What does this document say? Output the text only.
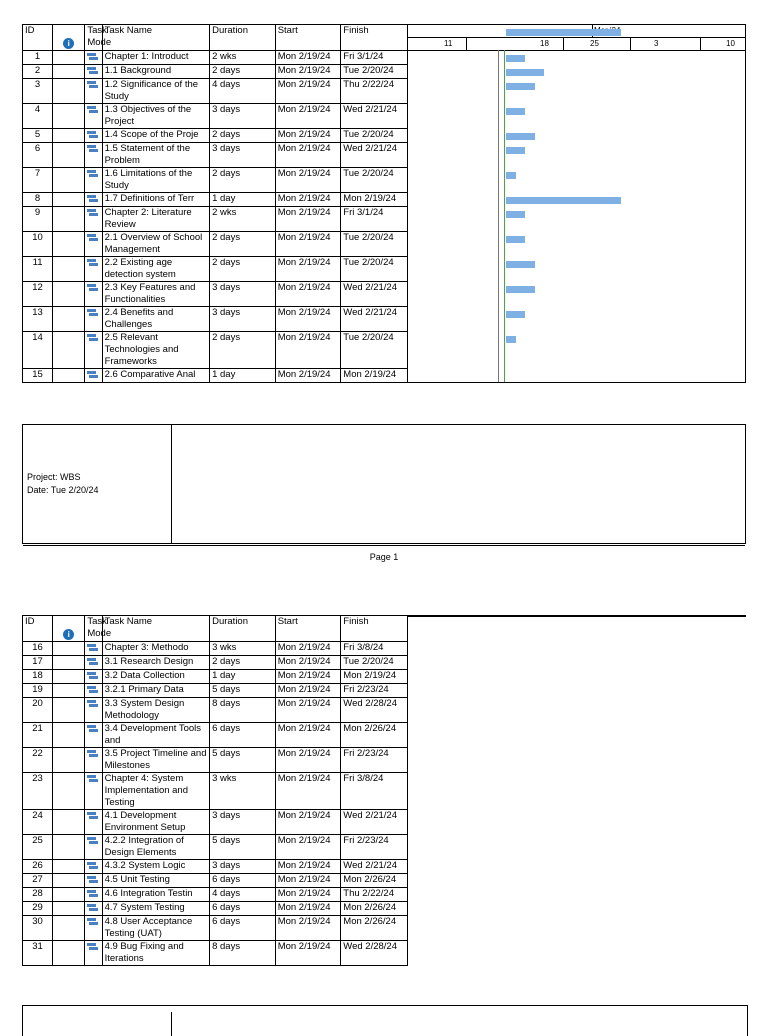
ID	i	Task Mode	Task Name	Duration	Start	Finish
1			Chapter 1: Introduct	2 wks	Mon 2/19/24	Fri 3/1/24
2			1.1 Background	2 days	Mon 2/19/24	Tue 2/20/24
3			1.2 Significance of the Study	4 days	Mon 2/19/24	Thu 2/22/24
4			1.3 Objectives of the Project	3 days	Mon 2/19/24	Wed 2/21/24
5			1.4 Scope of the Proje	2 days	Mon 2/19/24	Tue 2/20/24
6			1.5 Statement of the Problem	3 days	Mon 2/19/24	Wed 2/21/24
7			1.6 Limitations of the Study	2 days	Mon 2/19/24	Tue 2/20/24
8			1.7 Definitions of Terr	1 day	Mon 2/19/24	Mon 2/19/24
9			Chapter 2: Literature Review	2 wks	Mon 2/19/24	Fri 3/1/24
10			2.1 Overview of School Management	2 days	Mon 2/19/24	Tue 2/20/24
11			2.2 Existing age detection system	2 days	Mon 2/19/24	Tue 2/20/24
12			2.3 Key Features and Functionalities	3 days	Mon 2/19/24	Wed 2/21/24
13			2.4 Benefits and Challenges	3 days	Mon 2/19/24	Wed 2/21/24
14			2.5 Relevant Technologies and Frameworks	2 days	Mon 2/19/24	Tue 2/20/24
15			2.6 Comparative Anal	1 day	Mon 2/19/24	Mon 2/19/24
11	18	25	3	10
Project: WBS
Date: Tue 2/20/24
Page 1
ID	i	Task Mode	Task Name	Duration	Start	Finish
16			Chapter 3: Methodo	3 wks	Mon 2/19/24	Fri 3/8/24
17			3.1 Research Design	2 days	Mon 2/19/24	Tue 2/20/24
18			3.2 Data Collection	1 day	Mon 2/19/24	Mon 2/19/24
19			3.2.1 Primary Data	5 days	Mon 2/19/24	Fri 2/23/24
20			3.3 System Design Methodology	8 days	Mon 2/19/24	Wed 2/28/24
21			3.4 Development Tools and	6 days	Mon 2/19/24	Mon 2/26/24
22			3.5 Project Timeline and Milestones	5 days	Mon 2/19/24	Fri 2/23/24
23			Chapter 4: System Implementation and Testing	3 wks	Mon 2/19/24	Fri 3/8/24
24			4.1 Development Environment Setup	3 days	Mon 2/19/24	Wed 2/21/24
25			4.2.2 Integration of Design Elements	5 days	Mon 2/19/24	Fri 2/23/24
26			4.3.2 System Logic	3 days	Mon 2/19/24	Wed 2/21/24
27			4.5 Unit Testing	6 days	Mon 2/19/24	Mon 2/26/24
28			4.6 Integration Testin	4 days	Mon 2/19/24	Thu 2/22/24
29			4.7 System Testing	6 days	Mon 2/19/24	Mon 2/26/24
30			4.8 User Acceptance Testing (UAT)	6 days	Mon 2/19/24	Mon 2/26/24
31			4.9 Bug Fixing and Iterations	8 days	Mon 2/19/24	Wed 2/28/24
